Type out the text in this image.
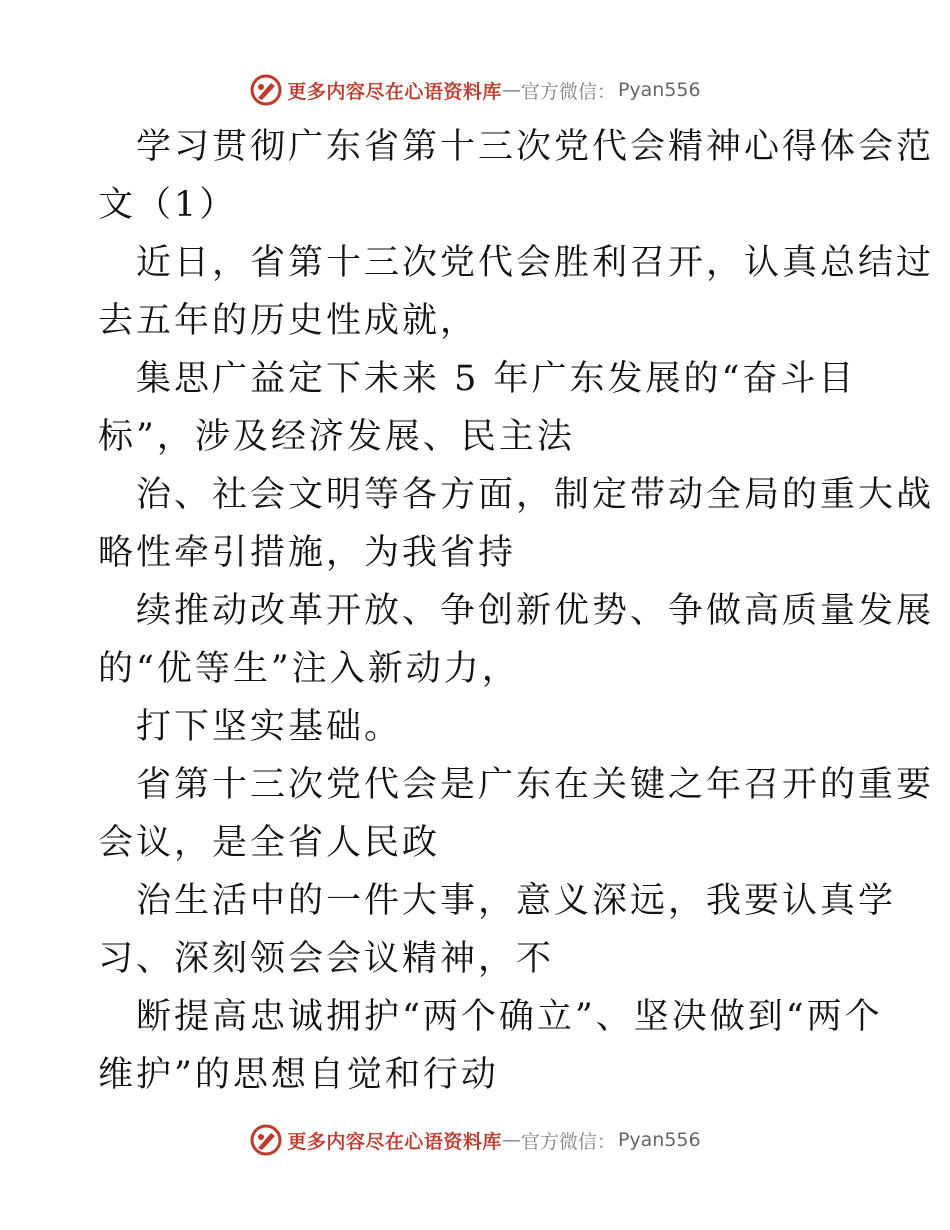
更多内容尽在心语资料库 — 官方微信： Pyan556

学习贯彻广东省第十三次党代会精神心得体会范
文（1）

近日，省第十三次党代会胜利召开，认真总结过
去五年的历史性成就，

集思广益定下未来 5 年广东发展的“奋斗目
标”，涉及经济发展、民主法

治、社会文明等各方面，制定带动全局的重大战
略性牵引措施，为我省持

续推动改革开放、争创新优势、争做高质量发展
的“优等生”注入新动力，

打下坚实基础。

省第十三次党代会是广东在关键之年召开的重要
会议，是全省人民政

治生活中的一件大事，意义深远，我要认真学
习、深刻领会会议精神，不

断提高忠诚拥护“两个确立”、坚决做到“两个
维护”的思想自觉和行动

更多内容尽在心语资料库 — 官方微信： Pyan556
